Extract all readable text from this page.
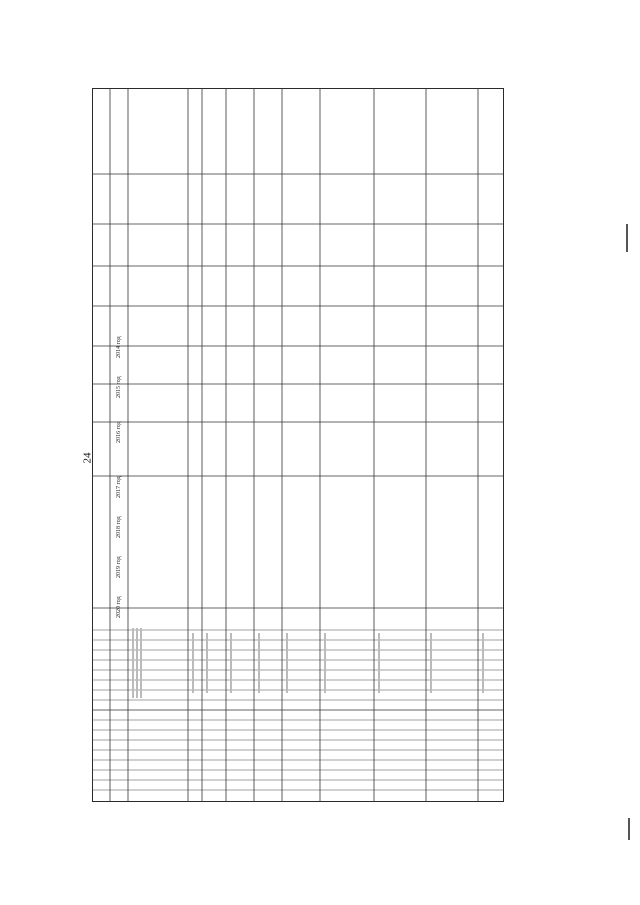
24
2014 год
2015 год
2016 год
2017 год
2018 год
2019 год
2020 год
